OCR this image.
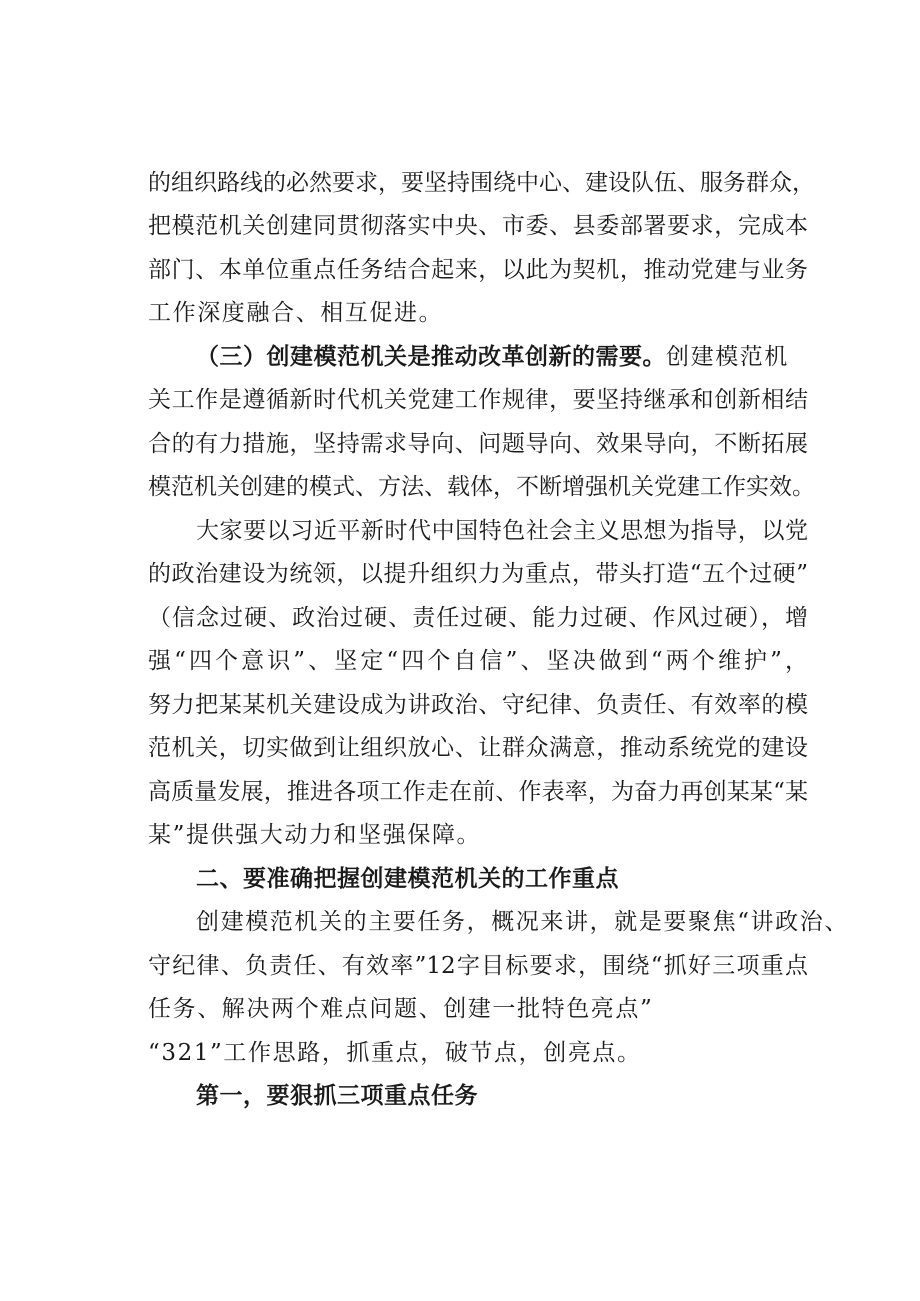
的组织路线的必然要求，要坚持围绕中心、建设队伍、服务群众，
把模范机关创建同贯彻落实中央、市委、县委部署要求，完成本
部门、本单位重点任务结合起来，以此为契机，推动党建与业务
工作深度融合、相互促进。
（三）创建模范机关是推动改革创新的需要。 创建模范机
关工作是遵循新时代机关党建工作规律，要坚持继承和创新相结
合的有力措施，坚持需求导向、问题导向、效果导向，不断拓展
模范机关创建的模式、方法、载体，不断增强机关党建工作实效。
大家要以习近平新时代中国特色社会主义思想为指导，以党
的政治建设为统领，以提升组织力为重点，带头打造“五个过硬”
（信念过硬、政治过硬、责任过硬、能力过硬、作风过硬），增
强“四个意识”、坚定“四个自信”、坚决做到“两个维护”，
努力把某某机关建设成为讲政治、守纪律、负责任、有效率的模
范机关，切实做到让组织放心、让群众满意，推动系统党的建设
高质量发展，推进各项工作走在前、作表率，为奋力再创某某“某
某”提供强大动力和坚强保障。
二、要准确把握创建模范机关的工作重点
创建模范机关的主要任务，概况来讲，就是要聚焦“讲政治、
守纪律、负责任、有效率”12字目标要求，围绕“抓好三项重点
任务、解决两个难点问题、创建一批特色亮点”
“321”工作思路，抓重点，破节点，创亮点。
第一，要狠抓三项重点任务
